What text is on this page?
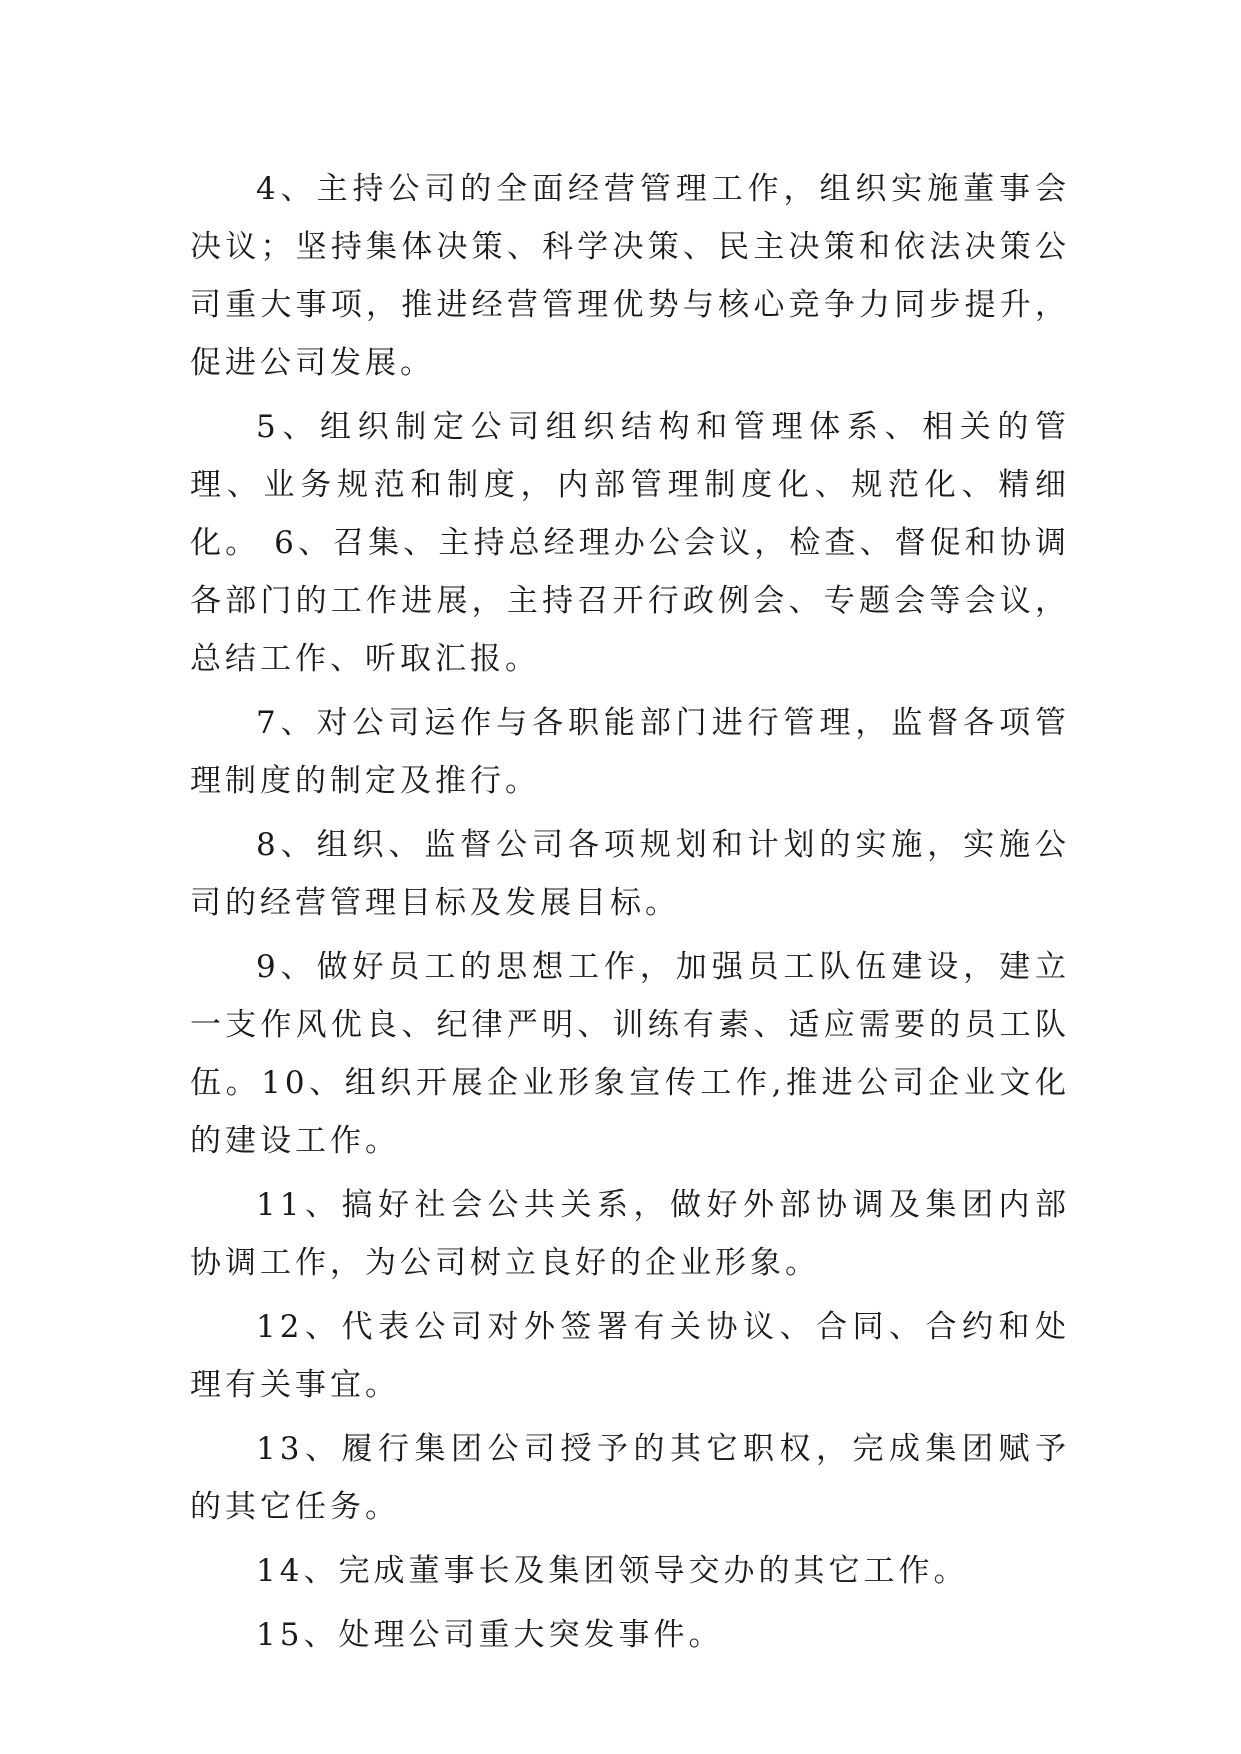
4、主持公司的全面经营管理工作，组织实施董事会决议；坚持集体决策、科学决策、民主决策和依法决策公司重大事项，推进经营管理优势与核心竞争力同步提升，促进公司发展。

5、组织制定公司组织结构和管理体系、相关的管理、业务规范和制度，内部管理制度化、规范化、精细化。 6、召集、主持总经理办公会议，检查、督促和协调各部门的工作进展，主持召开行政例会、专题会等会议，总结工作、听取汇报。

7、对公司运作与各职能部门进行管理，监督各项管理制度的制定及推行。

8、组织、监督公司各项规划和计划的实施，实施公司的经营管理目标及发展目标。

9、做好员工的思想工作，加强员工队伍建设，建立一支作风优良、纪律严明、训练有素、适应需要的员工队伍。10、组织开展企业形象宣传工作,推进公司企业文化的建设工作。

11、搞好社会公共关系，做好外部协调及集团内部协调工作，为公司树立良好的企业形象。

12、代表公司对外签署有关协议、合同、合约和处理有关事宜。

13、履行集团公司授予的其它职权，完成集团赋予的其它任务。

14、完成董事长及集团领导交办的其它工作。

15、处理公司重大突发事件。
